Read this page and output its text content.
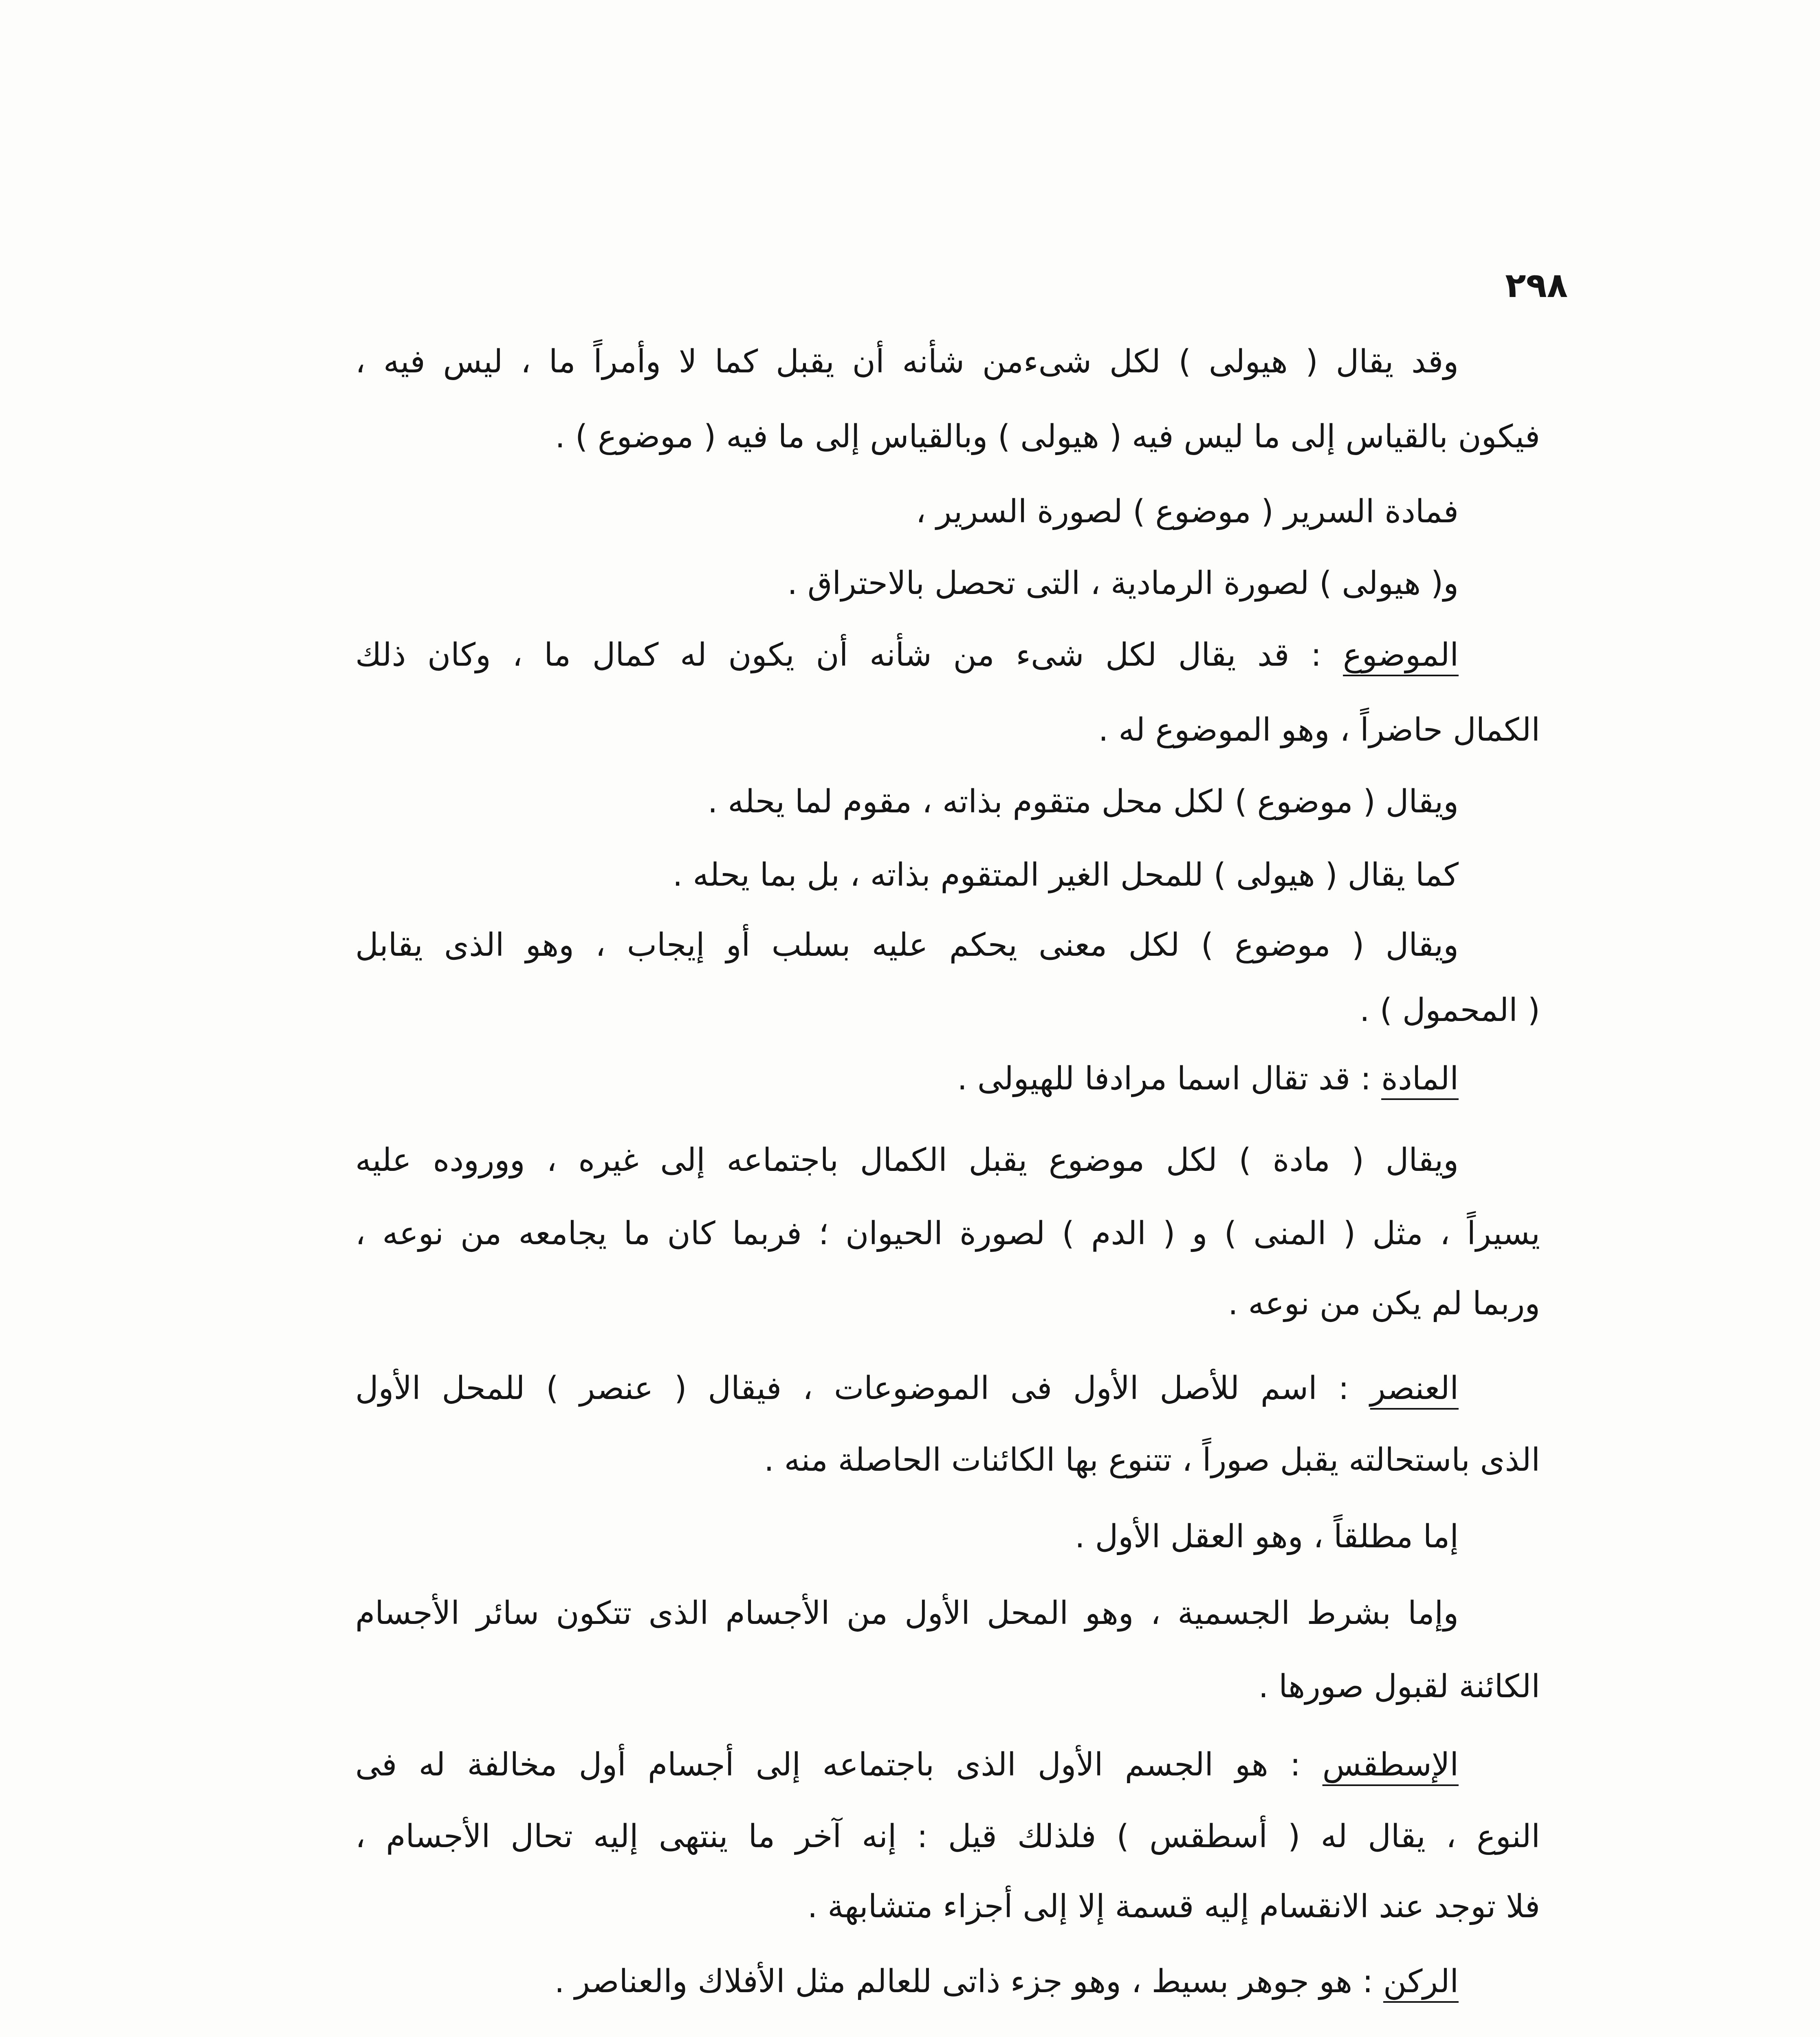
٢٩٨
وقد يقال ( هيولى ) لكل شىءمن شأنه أن يقبل كما لا وأمراً ما ، ليس فيه ،
فيكون بالقياس إلى ما ليس فيه ( هيولى ) وبالقياس إلى ما فيه ( موضوع ) .
فمادة السرير ( موضوع ) لصورة السرير ،
و( هيولى ) لصورة الرمادية ، التى تحصل بالاحتراق .
الموضوع : قد يقال لكل شىء من شأنه أن يكون له كمال ما ، وكان ذلك
الكمال حاضراً ، وهو الموضوع له .
ويقال ( موضوع ) لكل محل متقوم بذاته ، مقوم لما يحله .
كما يقال ( هيولى ) للمحل الغير المتقوم بذاته ، بل بما يحله .
ويقال ( موضوع ) لكل معنى يحكم عليه بسلب أو إيجاب ، وهو الذى يقابل
( المحمول ) .
المادة : قد تقال اسما مرادفا للهيولى .
ويقال ( مادة ) لكل موضوع يقبل الكمال باجتماعه إلى غيره ، ووروده عليه
يسيراً ، مثل ( المنى ) و ( الدم ) لصورة الحيوان ؛ فربما كان ما يجامعه من نوعه ،
وربما لم يكن من نوعه .
العنصر : اسم للأصل الأول فى الموضوعات ، فيقال ( عنصر ) للمحل الأول
الذى باستحالته يقبل صوراً ، تتنوع بها الكائنات الحاصلة منه .
إما مطلقاً ، وهو العقل الأول .
وإما بشرط الجسمية ، وهو المحل الأول من الأجسام الذى تتكون سائر الأجسام
الكائنة لقبول صورها .
الإسطقس : هو الجسم الأول الذى باجتماعه إلى أجسام أول مخالفة له فى
النوع ، يقال له ( أسطقس ) فلذلك قيل : إنه آخر ما ينتهى إليه تحال الأجسام ،
فلا توجد عند الانقسام إليه قسمة إلا إلى أجزاء متشابهة .
الركن : هو جوهر بسيط ، وهو جزء ذاتى للعالم مثل الأفلاك والعناصر .
